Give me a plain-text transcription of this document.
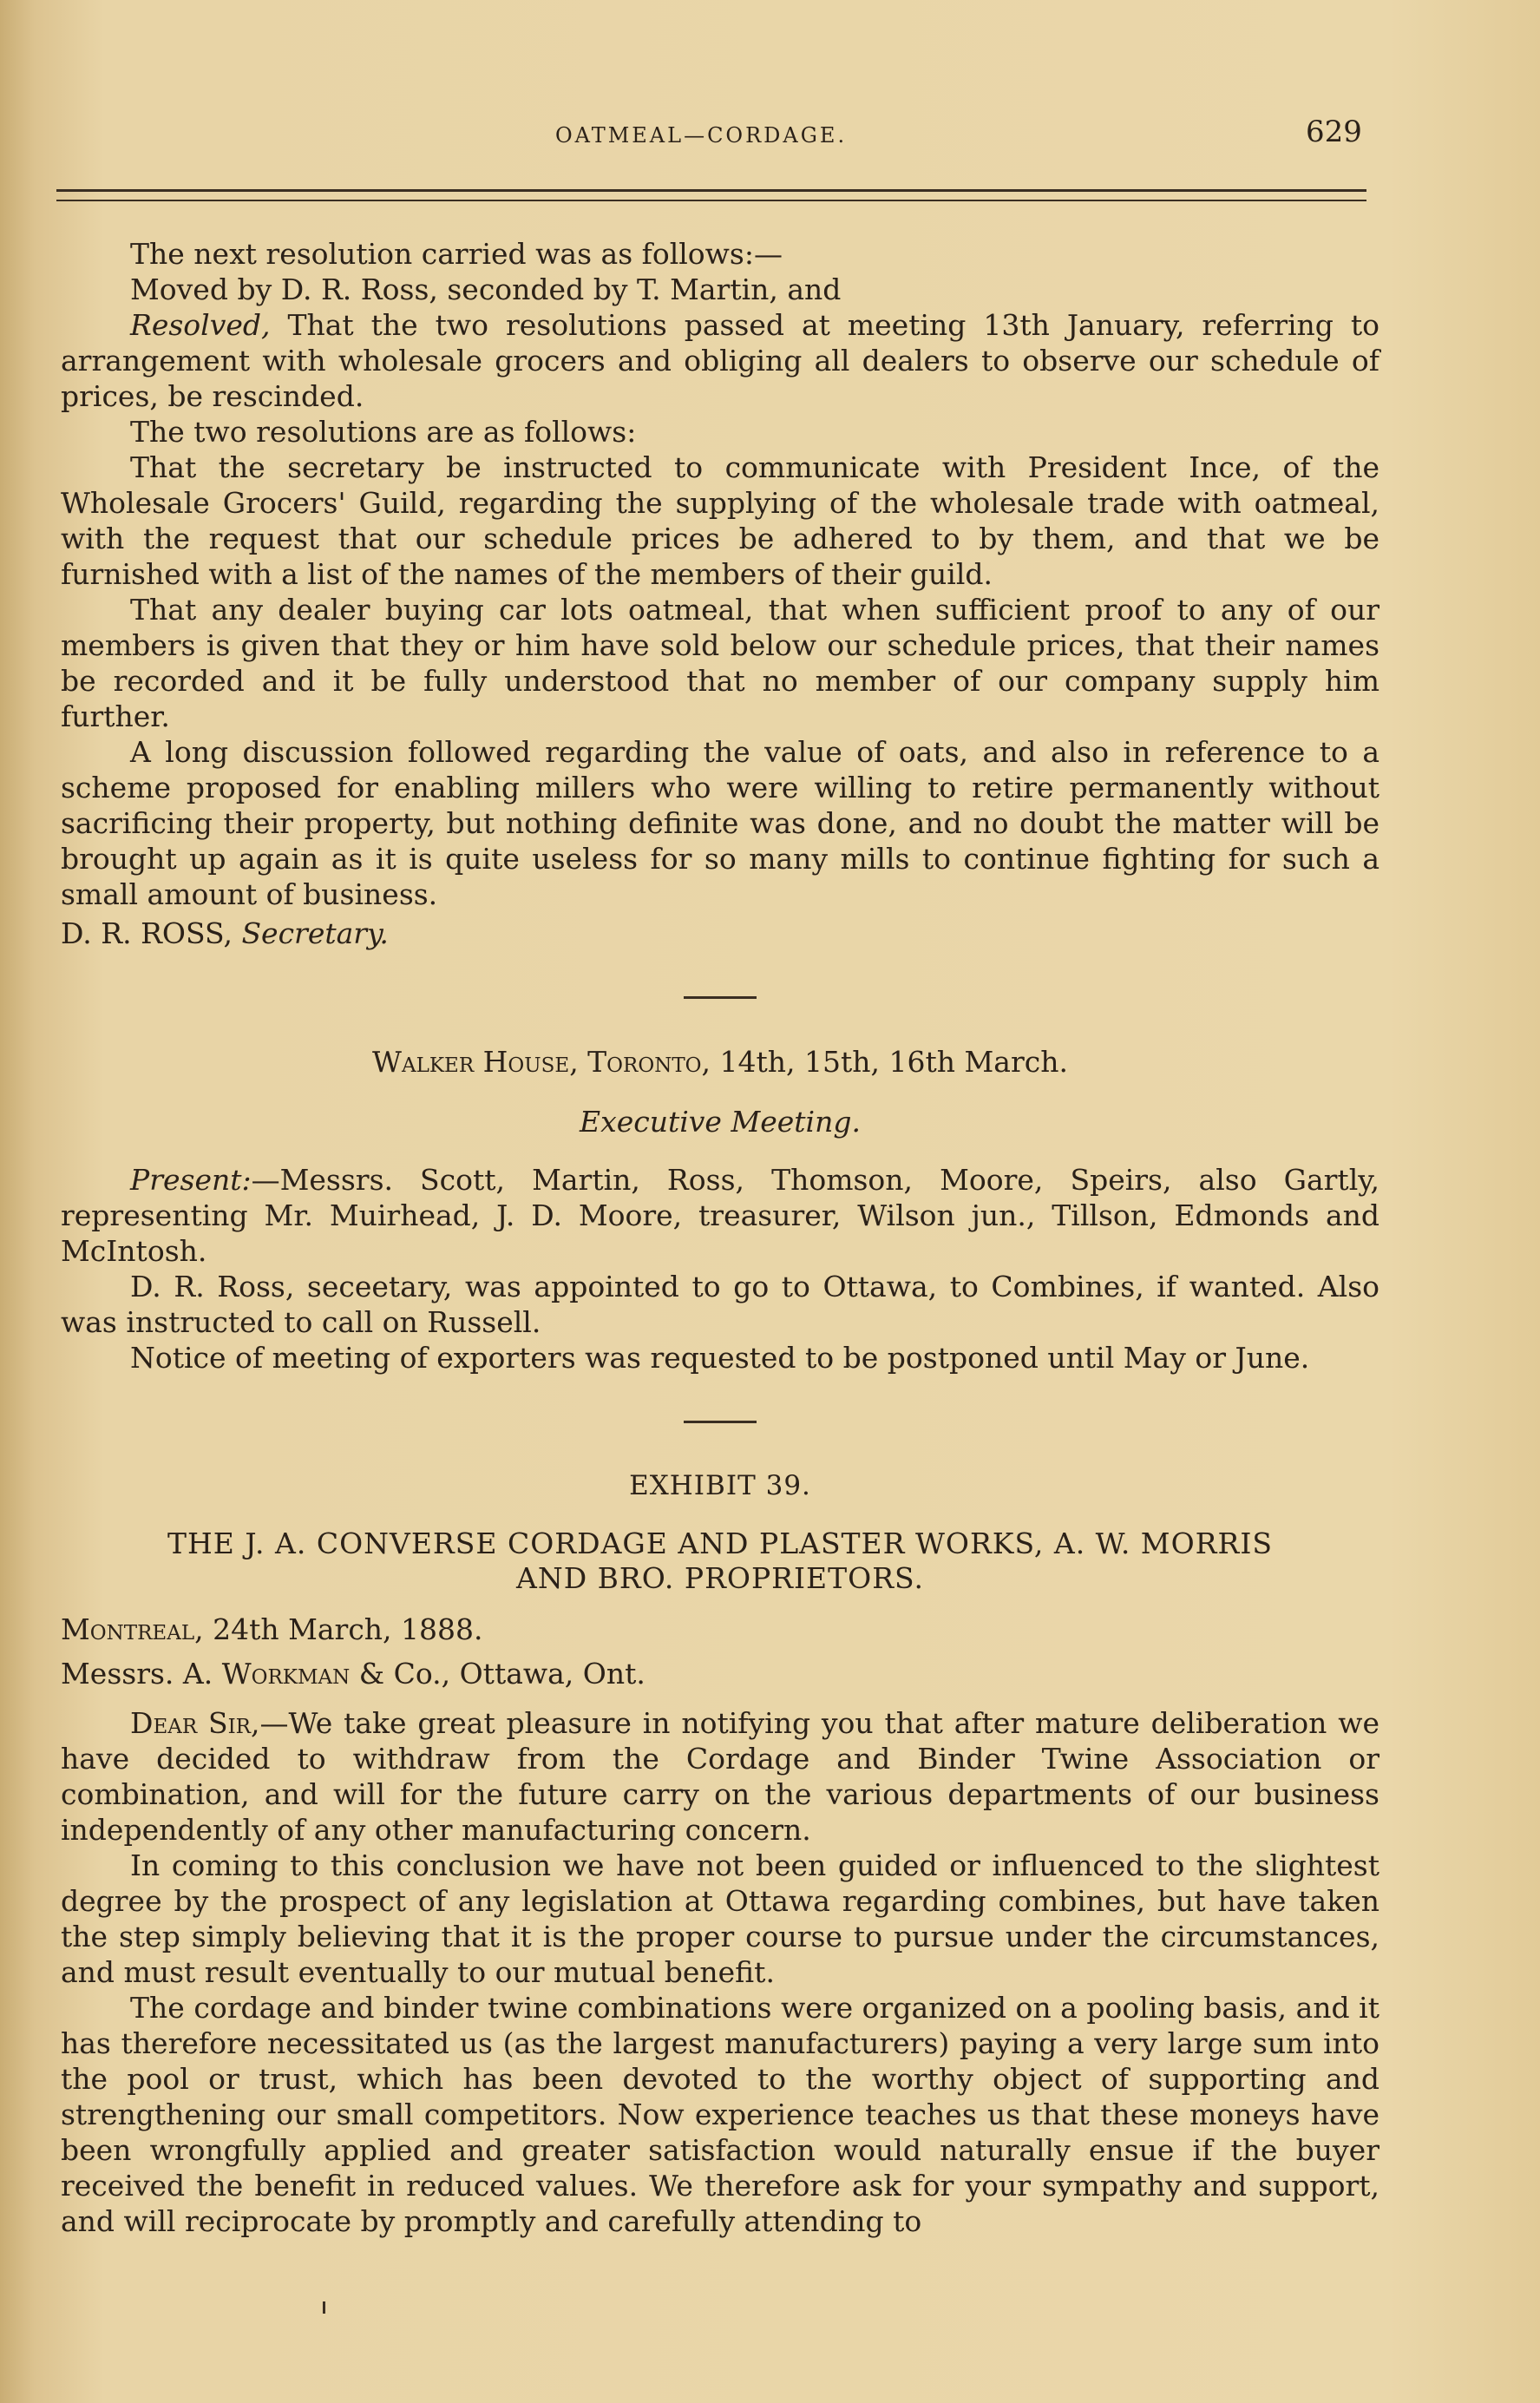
OATMEAL—CORDAGE.	629

The next resolution carried was as follows:—

Moved by D. R. Ross, seconded by T. Martin, and

Resolved, That the two resolutions passed at meeting 13th January, referring to arrangement with wholesale grocers and obliging all dealers to observe our schedule of prices, be rescinded.

The two resolutions are as follows:

That the secretary be instructed to communicate with President Ince, of the Wholesale Grocers' Guild, regarding the supplying of the wholesale trade with oatmeal, with the request that our schedule prices be adhered to by them, and that we be furnished with a list of the names of the members of their guild.

That any dealer buying car lots oatmeal, that when sufficient proof to any of our members is given that they or him have sold below our schedule prices, that their names be recorded and it be fully understood that no member of our company supply him further.

A long discussion followed regarding the value of oats, and also in reference to a scheme proposed for enabling millers who were willing to retire permanently without sacrificing their property, but nothing definite was done, and no doubt the matter will be brought up again as it is quite useless for so many mills to continue fighting for such a small amount of business.

D. R. ROSS, Secretary.

Walker House, Toronto, 14th, 15th, 16th March.

Executive Meeting.

Present:—Messrs. Scott, Martin, Ross, Thomson, Moore, Speirs, also Gartly, representing Mr. Muirhead, J. D. Moore, treasurer, Wilson jun., Tillson, Edmonds and McIntosh.

D. R. Ross, seceetary, was appointed to go to Ottawa, to Combines, if wanted. Also was instructed to call on Russell.

Notice of meeting of exporters was requested to be postponed until May or June.

EXHIBIT 39.

THE J. A. CONVERSE CORDAGE AND PLASTER WORKS, A. W. MORRIS

AND BRO. PROPRIETORS.

Montreal, 24th March, 1888.

Messrs. A. Workman & Co., Ottawa, Ont.

Dear Sir,—We take great pleasure in notifying you that after mature deliberation we have decided to withdraw from the Cordage and Binder Twine Association or combination, and will for the future carry on the various departments of our business independently of any other manufacturing concern.

In coming to this conclusion we have not been guided or influenced to the slightest degree by the prospect of any legislation at Ottawa regarding combines, but have taken the step simply believing that it is the proper course to pursue under the circumstances, and must result eventually to our mutual benefit.

The cordage and binder twine combinations were organized on a pooling basis, and it has therefore necessitated us (as the largest manufacturers) paying a very large sum into the pool or trust, which has been devoted to the worthy object of supporting and strengthening our small competitors. Now experience teaches us that these moneys have been wrongfully applied and greater satisfaction would naturally ensue if the buyer received the benefit in reduced values. We therefore ask for your sympathy and support, and will reciprocate by promptly and carefully attending to
